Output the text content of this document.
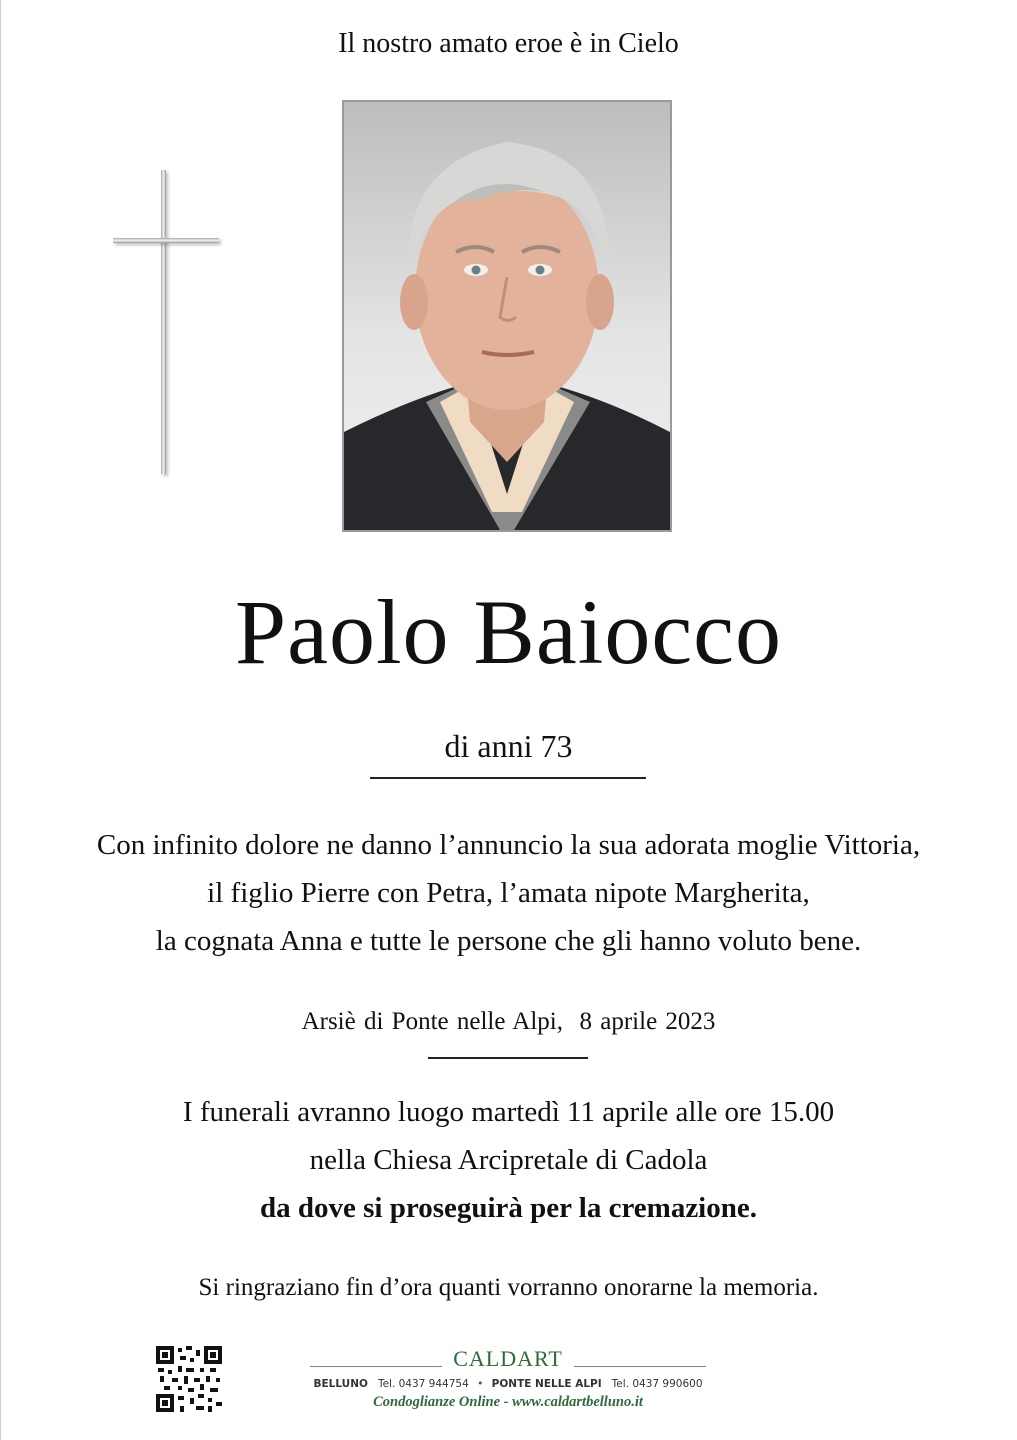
Il nostro amato eroe è in Cielo
Paolo Baiocco
di anni 73
Con infinito dolore ne danno l’annuncio la sua adorata moglie Vittoria,
il figlio Pierre con Petra, l’amata nipote Margherita,
la cognata Anna e tutte le persone che gli hanno voluto bene.
Arsiè di Ponte nelle Alpi,  8 aprile 2023
I funerali avranno luogo martedì 11 aprile alle ore 15.00
nella Chiesa Arcipretale di Cadola
da dove si proseguirà per la cremazione.
Si ringraziano fin d’ora quanti vorranno onorarne la memoria.
CALDART
BELLUNO Tel. 0437 944754 • PONTE NELLE ALPI Tel. 0437 990600
Condoglianze Online - www.caldartbelluno.it
